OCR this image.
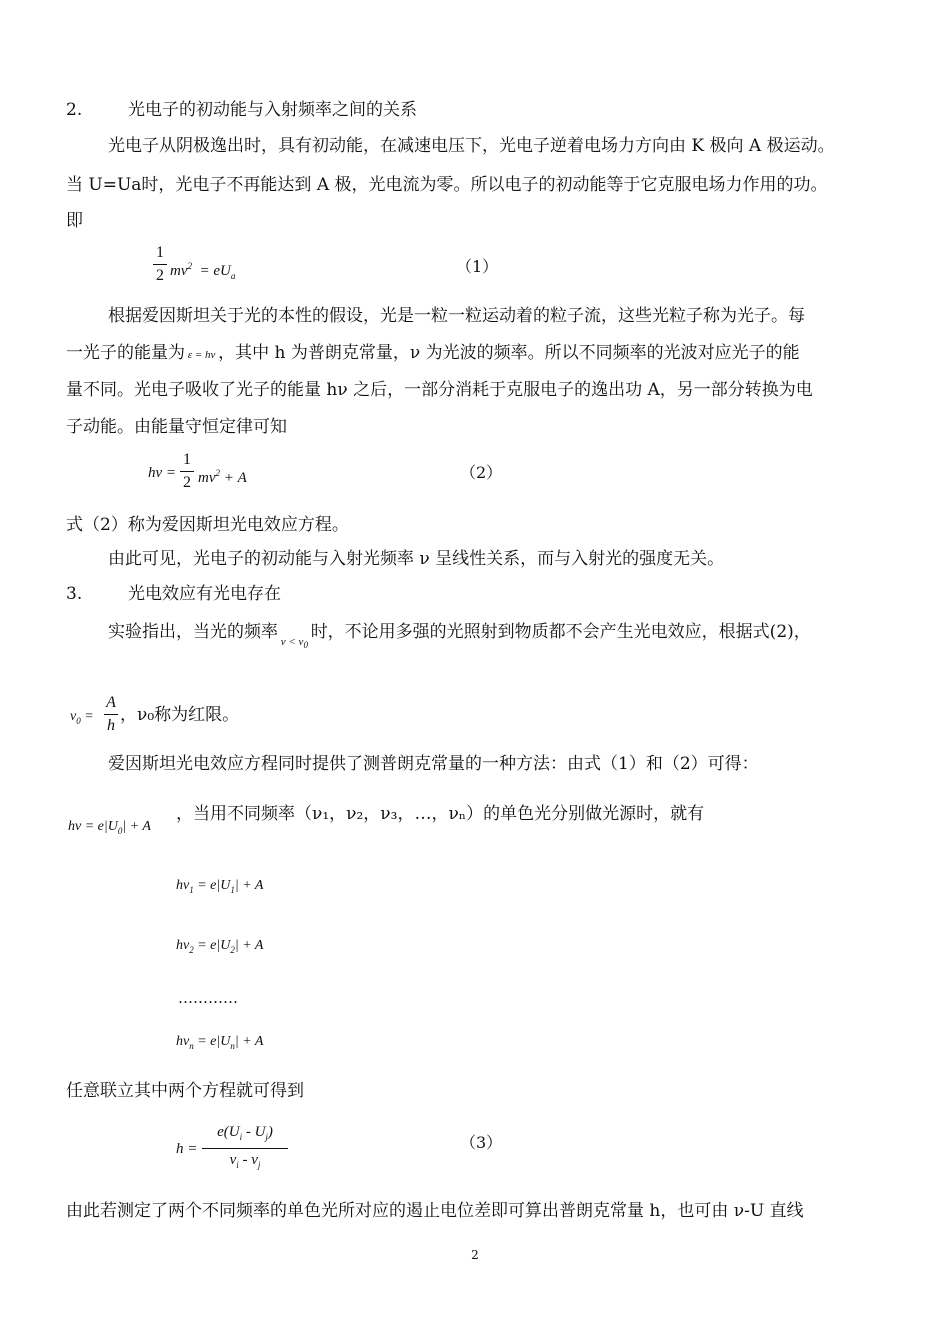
2.	光电子的初动能与入射频率之间的关系
光电子从阴极逸出时，具有初动能，在减速电压下，光电子逆着电场力方向由 K 极向 A 极运动。
当 U=Ua时，光电子不再能达到 A 极，光电流为零。所以电子的初动能等于它克服电场力作用的功。
即
1
2 $mv^2 = eU_a$	（1）
根据爱因斯坦关于光的本性的假设，光是一粒一粒运动着的粒子流，这些光粒子称为光子。每
一光子的能量为 ε = hν ，其中 h 为普朗克常量，ν 为光波的频率。所以不同频率的光波对应光子的能
量不同。光电子吸收了光子的能量 hν 之后，一部分消耗于克服电子的逸出功 A，另一部分转换为电
子动能。由能量守恒定律可知
hν =
1
2 $m\nu^2 + A$	（2）
式（2）称为爱因斯坦光电效应方程。
由此可见，光电子的初动能与入射光频率 ν 呈线性关系，而与入射光的强度无关。
3.	光电效应有光电存在
实验指出，当光的频率 $_{\nu < \nu_0}$ 时，不论用多强的光照射到物质都不会产生光电效应，根据式(2)，
$\nu_0$ =
A
h
，ν₀称为红限。
爱因斯坦光电效应方程同时提供了测普朗克常量的一种方法：由式（1）和（2）可得：
$h\nu = e|U_0| + A$
，当用不同频率（ν₁，ν₂，ν₃，…，νₙ）的单色光分别做光源时，就有
$h\nu_1 = e|U_1| + A$
$h\nu_2 = e|U_2| + A$
…………
$h\nu_n = e|U_n| + A$
任意联立其中两个方程就可得到
h =
$e(U_i - U_j)$
$\nu_i - \nu_j$
（3）
由此若测定了两个不同频率的单色光所对应的遏止电位差即可算出普朗克常量 h，也可由 ν-U 直线
2
